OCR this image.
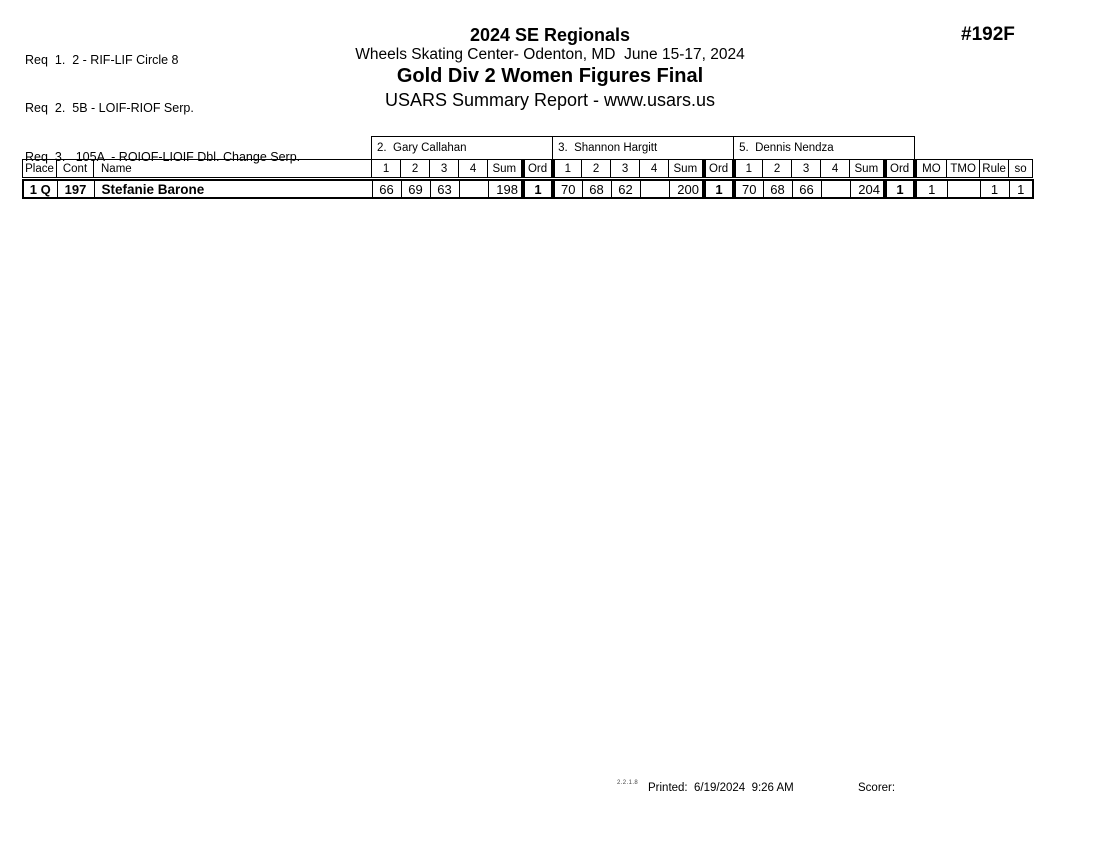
Req  1.  2 - RIF-LIF Circle 8

Req  2.  5B - LOIF-RIOF Serp.

Req  3.   105A  - ROIOF-LIOIF Dbl. Change Serp.

2024 SE Regionals
Wheels Skating Center- Odenton, MD  June 15-17, 2024
Gold Div 2 Women Figures Final
USARS Summary Report - www.usars.us
#192F
			2.  Gary Callahan						3.  Shannon Hargitt						5.  Dennis Nendza									
Place	Cont	Name	1	2	3	4	Sum	Ord	1	2	3	4	Sum	Ord	1	2	3	4	Sum	Ord	MO	TMO	Rule	so
1 Q	197	Stefanie Barone	66	69	63		198	1	70	68	62		200	1	70	68	66		204	1	1		1	1
2.2.1.8 Printed:  6/19/2024  9:26 AM	Scorer:
